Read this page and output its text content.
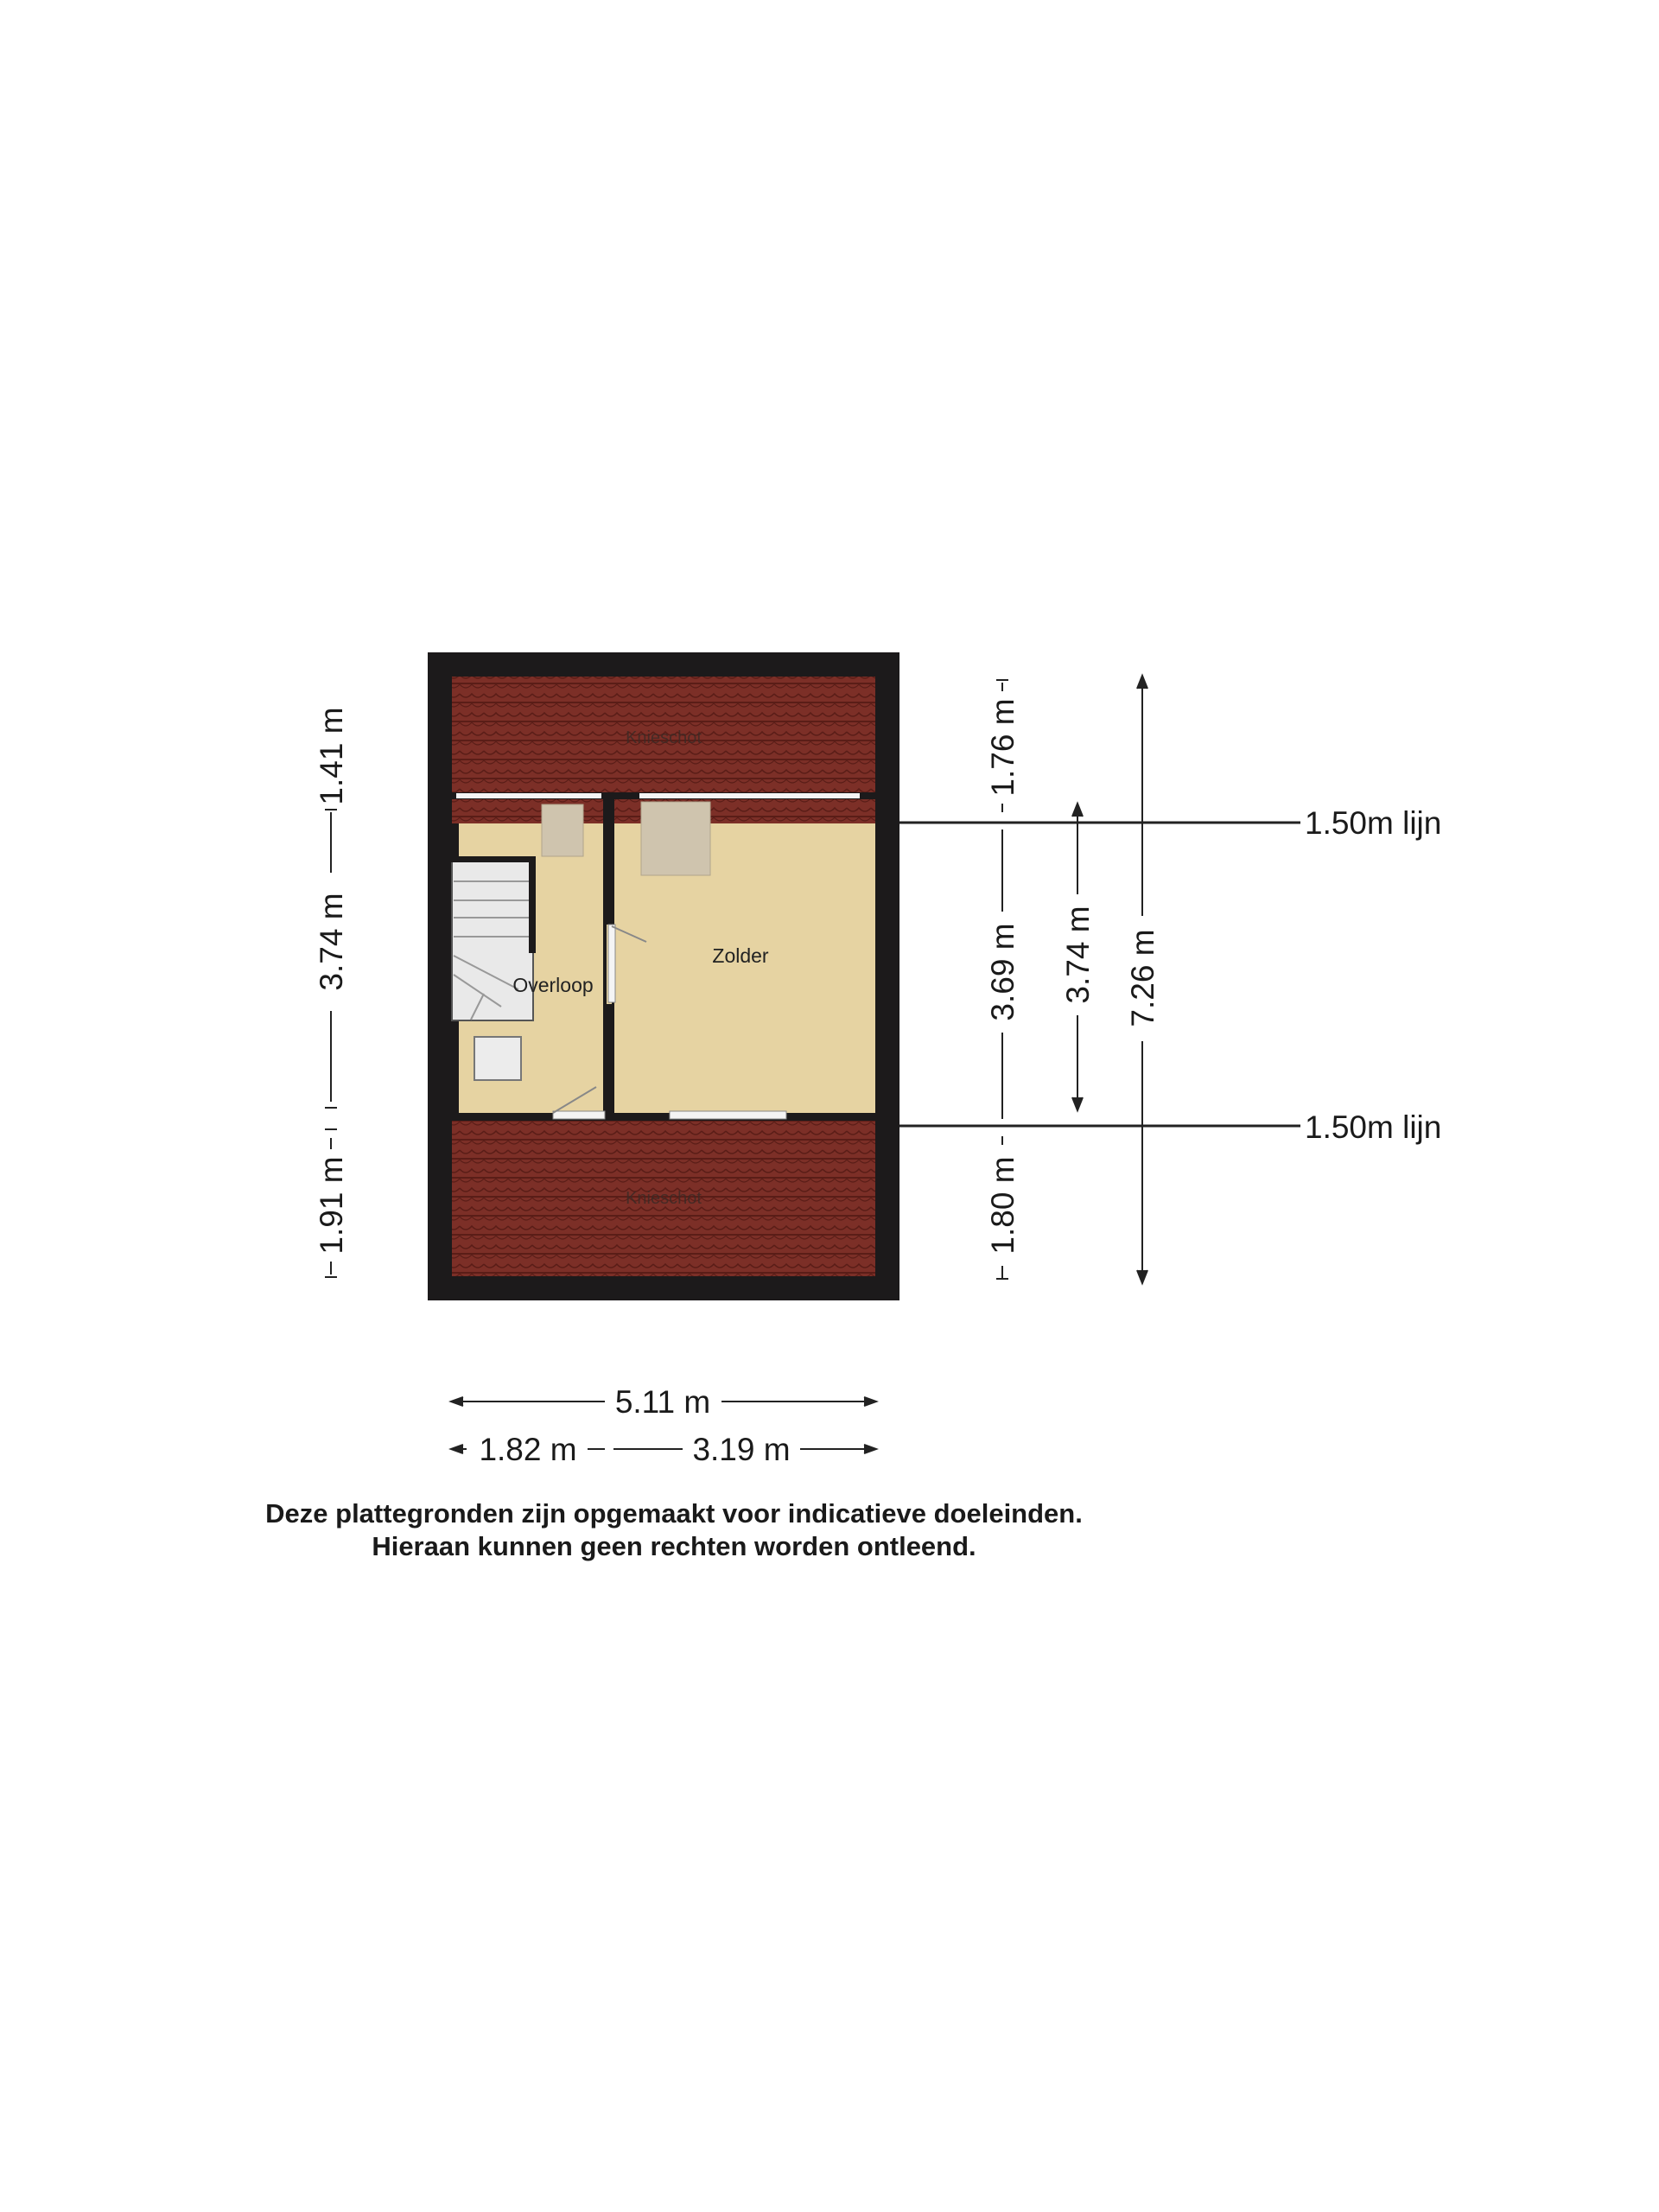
Knieschot
Knieschot
Overloop
Zolder
1.41 m
3.74 m
1.91 m
1.76 m
3.69 m
1.80 m
3.74 m 7.26 m
1.50m lijn
1.50m lijn
5.11 m
1.82 m	3.19 m
Deze plattegronden zijn opgemaakt voor indicatieve doeleinden.
Hieraan kunnen geen rechten worden ontleend.
